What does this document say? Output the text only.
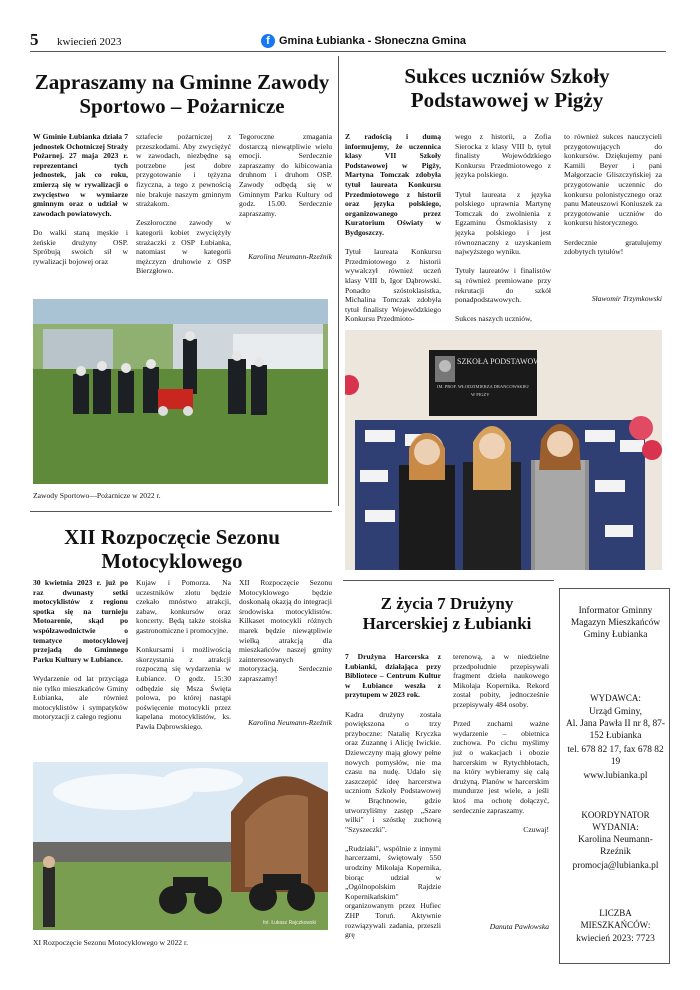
5 kwiecień 2023	f Gmina Łubianka - Słoneczna Gmina
Zapraszamy na Gminne Zawody Sportowo – Pożarnicze

W Gminie Łubianka działa 7 jednostek Ochotniczej Straży Pożarnej. 27 maja 2023 r. reprezentanci tych jednostek, jak co roku, zmierzą się w rywalizacji o zwycięstwo w wymiarze gminnym oraz o udział w zawodach powiatowych.

Do walki staną męskie i żeńskie drużyny OSP. Spróbują swoich sił w rywalizacji bojowej oraz

sztafecie pożarniczej z przeszkodami. Aby zwyciężyć w zawodach, niezbędne są potrzebne jest dobre przygotowanie i tężyzna fizyczna, a tego z pewnością nie brakuje naszym gminnym strażakom.

Zeszłoroczne zawody w kategorii kobiet zwyciężyły strażaczki z OSP Łubianka, natomiast w kategorii mężczyzn druhowie z OSP Bierzgłowo.

Tegoroczne zmagania dostarczą niewątpliwie wielu emocji. Serdecznie zapraszamy do kibicowania druhnom i druhom OSP. Zawody odbędą się w Gminnym Parku Kultury od godz. 15.00. Serdecznie zapraszamy.

Karolina Neumann-Rzeźnik
Zawody Sportowo—Pożarnicze w 2022 r.
Sukces uczniów Szkoły Podstawowej w Pigży

Z radością i dumą informujemy, że uczennica klasy VII Szkoły Podstawowej w Pigży, Martyna Tomczak zdobyła tytuł laureata Konkursu Przedmiotowego z historii oraz języka polskiego, organizowanego przez Kuratorium Oświaty w Bydgoszczy.

Tytuł laureata Konkursu Przedmiotowego z historii wywalczył również uczeń klasy VIII b, Igor Dąbrowski. Ponadto szóstoklasistka, Michalina Tomczak zdobyła tytuł finalisty Wojewódzkiego Konkursu Przedmioto-

wego z historii, a Zofia Sierocka z klasy VIII b, tytuł finalisty Wojewódzkiego Konkursu Przedmiotowego z języka polskiego.

Tytuł laureata z języka polskiego uprawnia Martynę Tomczak do zwolnienia z Egzaminu Ósmoklasisty z języka polskiego i jest równoznaczny z uzyskaniem najwyższego wyniku.

Tytuły laureatów i finalistów są również premiowane przy rekrutacji do szkół ponadpodstawowych.

Sukces naszych uczniów,

to również sukces nauczycieli przygotowujących do konkursów. Dziękujemy pani Kamili Beyer i pani Małgorzacie Gliszczyńskiej za przygotowanie uczennic do konkursu polonistycznego oraz panu Mateuszowi Koniuszek za przygotowanie uczniów do konkursu historycznego.

Serdecznie gratulujemy zdobytych tytułów!

Sławomir Trzymkowski
SZKOŁA PODSTAWOWA
IM. PROF. WŁODZIMIERZA DRANCOWSKIEJ
W PIGŻY
XII Rozpoczęcie Sezonu Motocyklowego

30 kwietnia 2023 r. już po raz dwunasty setki motocyklistów z regionu spotka się na turnieju Motoarenie, skąd po współzawodnictwie o tematyce motocyklowej przejadą do Gminnego Parku Kultury w Łubiance.

Wydarzenie od lat przyciąga nie tylko mieszkańców Gminy Łubianka, ale również motocyklistów i sympatyków motoryzacji z całego regionu

Kujaw i Pomorza. Na uczestników złotu będzie czekało mnóstwo atrakcji, zabaw, konkursów oraz koncerty. Będą także stoiska gastronomiczne i promocyjne.

Konkursami i możliwością skorzystania z atrakcji rozpoczną się wydarzenia w Łubiance. O godz. 15:30 odbędzie się Msza Święta polowa, po której nastąpi poświęcenie motocykli przez kapelana motocyklistów, ks. Pawła Dąbrowskiego.

XII Rozpoczęcie Sezonu Motocyklowego będzie doskonałą okazją do integracji środowiska motocyklistów. Kilkaset motocykli różnych marek będzie niewątpliwie wielką atrakcją dla mieszkańców naszej gminy zainteresowanych motoryzacją. Serdecznie zapraszamy!

Karolina Neumann-Rzeźnik
fot. Łukasz Rajczkowski
XI Rozpoczęcie Sezonu Motocyklowego w 2022 r.
Z życia 7 Drużyny Harcerskiej z Łubianki

7 Drużyna Harcerska z Łubianki, działająca przy Bibliotece – Centrum Kultur w Łubiance weszła z przytupem w 2023 rok.

Kadra drużyny została powiększona o trzy przyboczne: Natalię Kryczka oraz Zuzannę i Alicję Iwickie. Dziewczyny mają głowy pełne nowych pomysłów, nie ma czasu na nudę. Udało się zaszczepić ideę harcerstwa uczniom Szkoły Podstawowej w Brąchnowie, gdzie utworzyliśmy zastęp „Szare wilki" i szóstkę zuchową "Szyszeczki".

„Rudziaki", wspólnie z innymi harcerzami, świętowały 550 urodziny Mikołaja Kopernika, biorąc udział w „Ogólnopolskim Rajdzie Kopernikańskim" organizowanym przez Hufiec ZHP Toruń. Aktywnie rozwiązywali zadania, przeszli grę

terenową, a w niedzielne przedpołudnie przepisywali fragment dzieła naukowego Mikołaja Kopernika. Rekord został pobity, jednocześnie przepisywały 484 osoby.

Przed zuchami ważne wydarzenie – obietnica zuchowa. Po cichu myślimy już o wakacjach i obozie harcerskim w Rytychbłotach, na który wybieramy się całą drużyną. Planów w harcerskim mundurze jest wiele, a jeśli ktoś ma ochotę dołączyć, serdecznie zapraszamy.

Czuwaj!

Danuta Pawłowska
Informator Gminny Magazyn Mieszkańców Gminy Łubianka
WYDAWCA:
Urząd Gminy,
Al. Jana Pawła II nr 8, 87-152 Łubianka
tel. 678 82 17, fax 678 82 19
www.lubianka.pl
KOORDYNATOR WYDANIA:
Karolina Neumann-Rzeźnik
promocja@lubianka.pl
LICZBA MIESZKAŃCÓW:
kwiecień 2023: 7723
